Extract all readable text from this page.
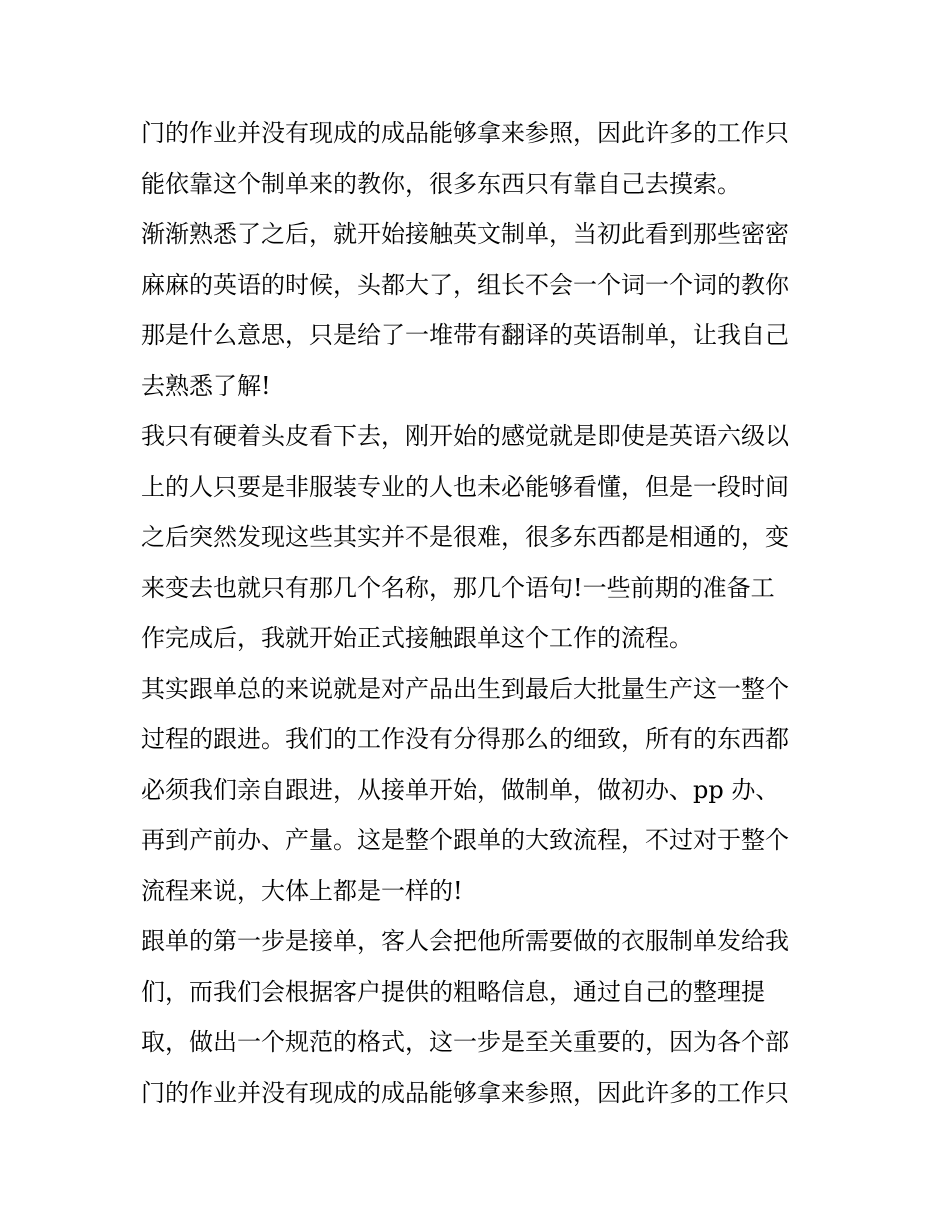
门的作业并没有现成的成品能够拿来参照，因此许多的工作只
能依靠这个制单来的教你，很多东西只有靠自己去摸索。
渐渐熟悉了之后，就开始接触英文制单，当初此看到那些密密
麻麻的英语的时候，头都大了，组长不会一个词一个词的教你
那是什么意思，只是给了一堆带有翻译的英语制单，让我自己
去熟悉了解!
我只有硬着头皮看下去，刚开始的感觉就是即使是英语六级以
上的人只要是非服装专业的人也未必能够看懂，但是一段时间
之后突然发现这些其实并不是很难，很多东西都是相通的，变
来变去也就只有那几个名称，那几个语句!一些前期的准备工
作完成后，我就开始正式接触跟单这个工作的流程。
其实跟单总的来说就是对产品出生到最后大批量生产这一整个
过程的跟进。我们的工作没有分得那么的细致，所有的东西都
必须我们亲自跟进，从接单开始，做制单，做初办、pp 办、
再到产前办、产量。这是整个跟单的大致流程，不过对于整个
流程来说，大体上都是一样的!
跟单的第一步是接单，客人会把他所需要做的衣服制单发给我
们，而我们会根据客户提供的粗略信息，通过自己的整理提
取，做出一个规范的格式，这一步是至关重要的，因为各个部
门的作业并没有现成的成品能够拿来参照，因此许多的工作只
